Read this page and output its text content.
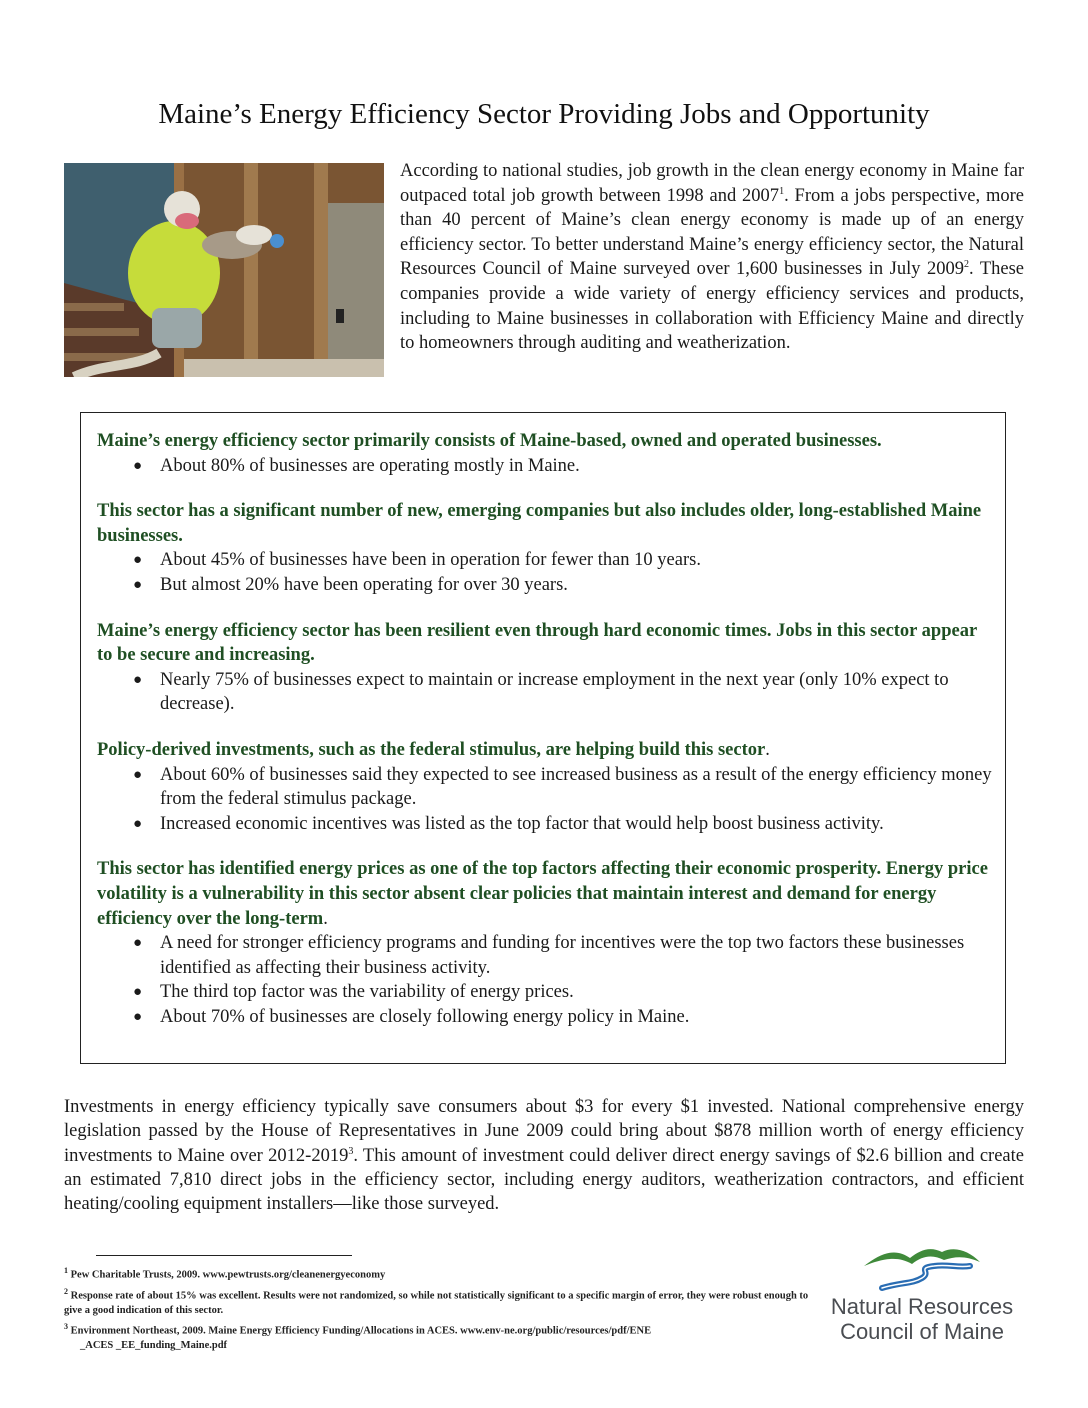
Maine’s Energy Efficiency Sector Providing Jobs and Opportunity

According to national studies, job growth in the clean energy economy in Maine far outpaced total job growth between 1998 and 2007$^1$. From a jobs perspective, more than 40 percent of Maine’s clean energy economy is made up of an energy efficiency sector. To better understand Maine’s energy efficiency sector, the Natural Resources Council of Maine surveyed over 1,600 businesses in July 2009$^2$. These companies provide a wide variety of energy efficiency services and products, including to Maine businesses in collaboration with Efficiency Maine and directly to homeowners through auditing and weatherization.

Maine’s energy efficiency sector primarily consists of Maine-based, owned and operated businesses.

● About 80% of businesses are operating mostly in Maine.

This sector has a significant number of new, emerging companies but also includes older, long-established Maine businesses.

● About 45% of businesses have been in operation for fewer than 10 years.
● But almost 20% have been operating for over 30 years.

Maine’s energy efficiency sector has been resilient even through hard economic times. Jobs in this sector appear to be secure and increasing.

● Nearly 75% of businesses expect to maintain or increase employment in the next year (only 10% expect to decrease).

Policy-derived investments, such as the federal stimulus, are helping build this sector.

● About 60% of businesses said they expected to see increased business as a result of the energy efficiency money from the federal stimulus package.
● Increased economic incentives was listed as the top factor that would help boost business activity.

This sector has identified energy prices as one of the top factors affecting their economic prosperity. Energy price volatility is a vulnerability in this sector absent clear policies that maintain interest and demand for energy efficiency over the long-term.

● A need for stronger efficiency programs and funding for incentives were the top two factors these businesses identified as affecting their business activity.
● The third top factor was the variability of energy prices.
● About 70% of businesses are closely following energy policy in Maine.

Investments in energy efficiency typically save consumers about $3 for every $1 invested. National comprehensive energy legislation passed by the House of Representatives in June 2009 could bring about $878 million worth of energy efficiency investments to Maine over 2012-2019$^3$. This amount of investment could deliver direct energy savings of $2.6 billion and create an estimated 7,810 direct jobs in the efficiency sector, including energy auditors, weatherization contractors, and efficient heating/cooling equipment installers—like those surveyed.

$^1$ Pew Charitable Trusts, 2009. www.pewtrusts.org/cleanenergyeconomy
$^2$ Response rate of about 15% was excellent. Results were not randomized, so while not statistically significant to a specific margin of error, they were robust enough to give a good indication of this sector.
$^3$ Environment Northeast, 2009. Maine Energy Efficiency Funding/Allocations in ACES. www.env-ne.org/public/resources/pdf/ENE
_ACES _EE_funding_Maine.pdf
Natural Resources
Council of Maine
